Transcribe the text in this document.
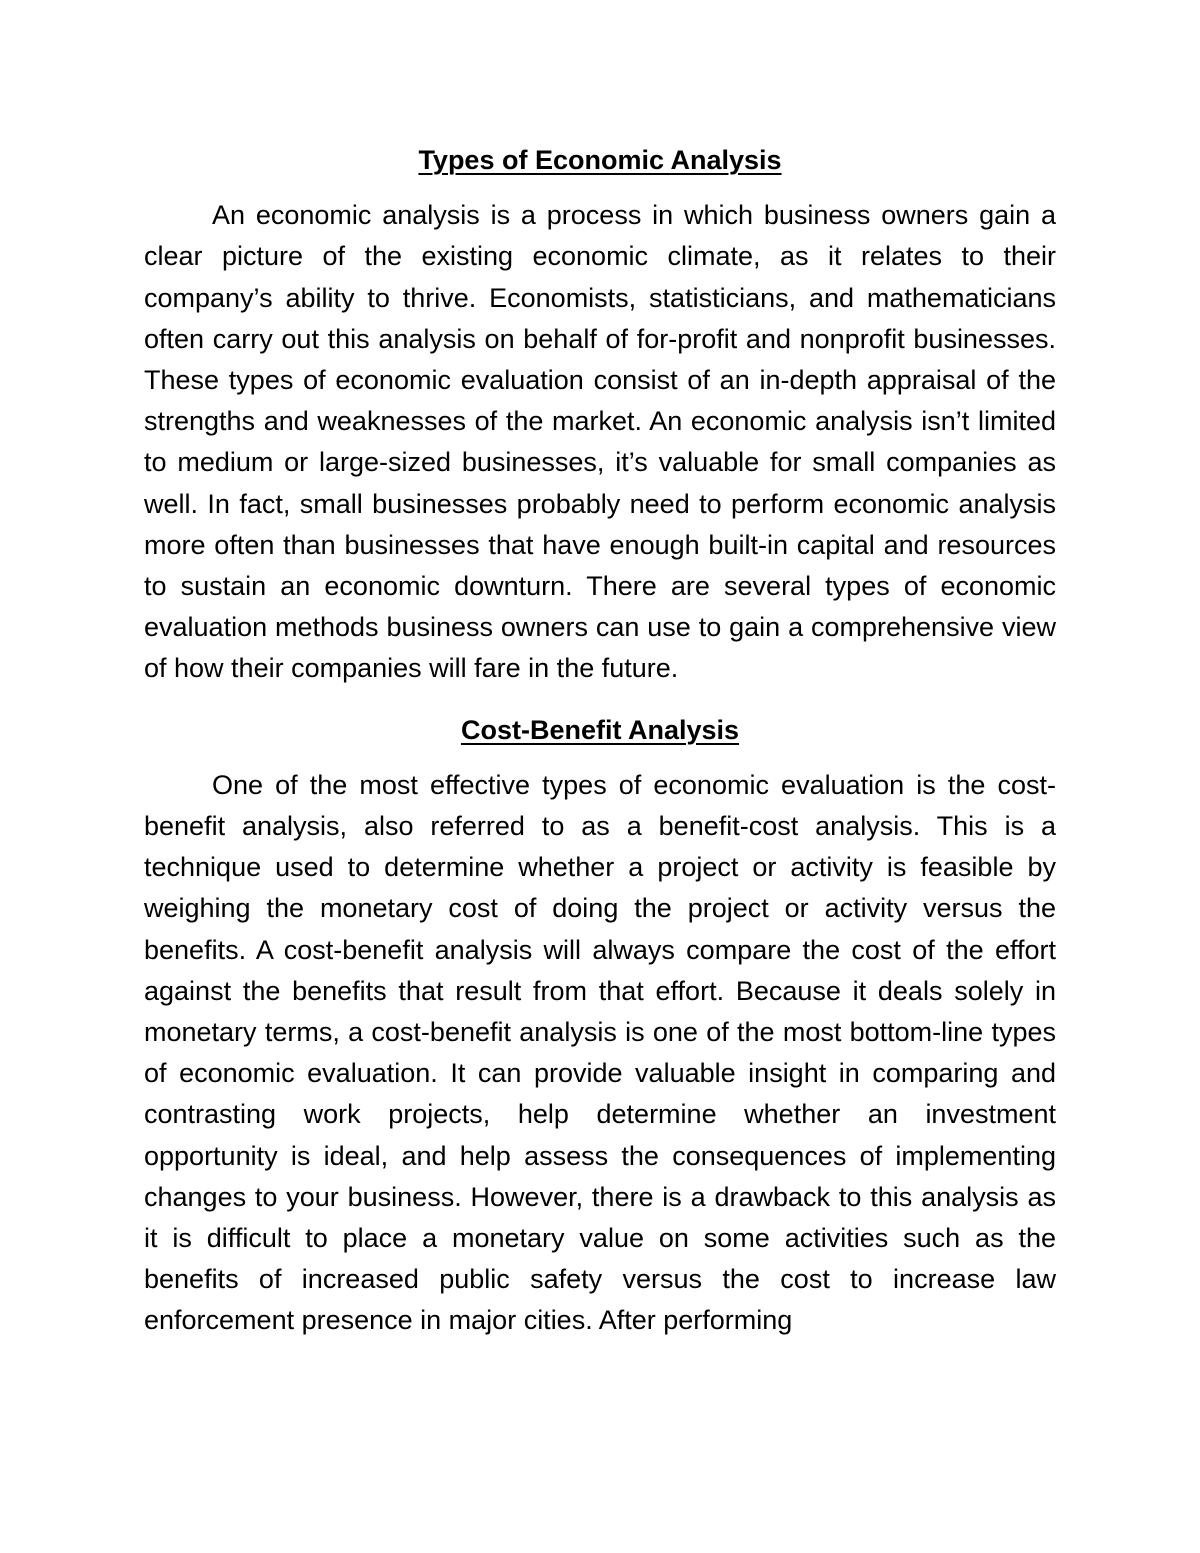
Types of Economic Analysis

An economic analysis is a process in which business owners gain a clear picture of the existing economic climate, as it relates to their company’s ability to thrive. Economists, statisticians, and mathematicians often carry out this analysis on behalf of for-profit and nonprofit businesses. These types of economic evaluation consist of an in-depth appraisal of the strengths and weaknesses of the market. An economic analysis isn’t limited to medium or large-sized businesses, it’s valuable for small companies as well. In fact, small businesses probably need to perform economic analysis more often than businesses that have enough built-in capital and resources to sustain an economic downturn. There are several types of economic evaluation methods business owners can use to gain a comprehensive view of how their companies will fare in the future.

Cost-Benefit Analysis

One of the most effective types of economic evaluation is the cost-benefit analysis, also referred to as a benefit-cost analysis. This is a technique used to determine whether a project or activity is feasible by weighing the monetary cost of doing the project or activity versus the benefits. A cost-benefit analysis will always compare the cost of the effort against the benefits that result from that effort. Because it deals solely in monetary terms, a cost-benefit analysis is one of the most bottom-line types of economic evaluation. It can provide valuable insight in comparing and contrasting work projects, help determine whether an investment opportunity is ideal, and help assess the consequences of implementing changes to your business. However, there is a drawback to this analysis as it is difficult to place a monetary value on some activities such as the benefits of increased public safety versus the cost to increase law enforcement presence in major cities. After performing
